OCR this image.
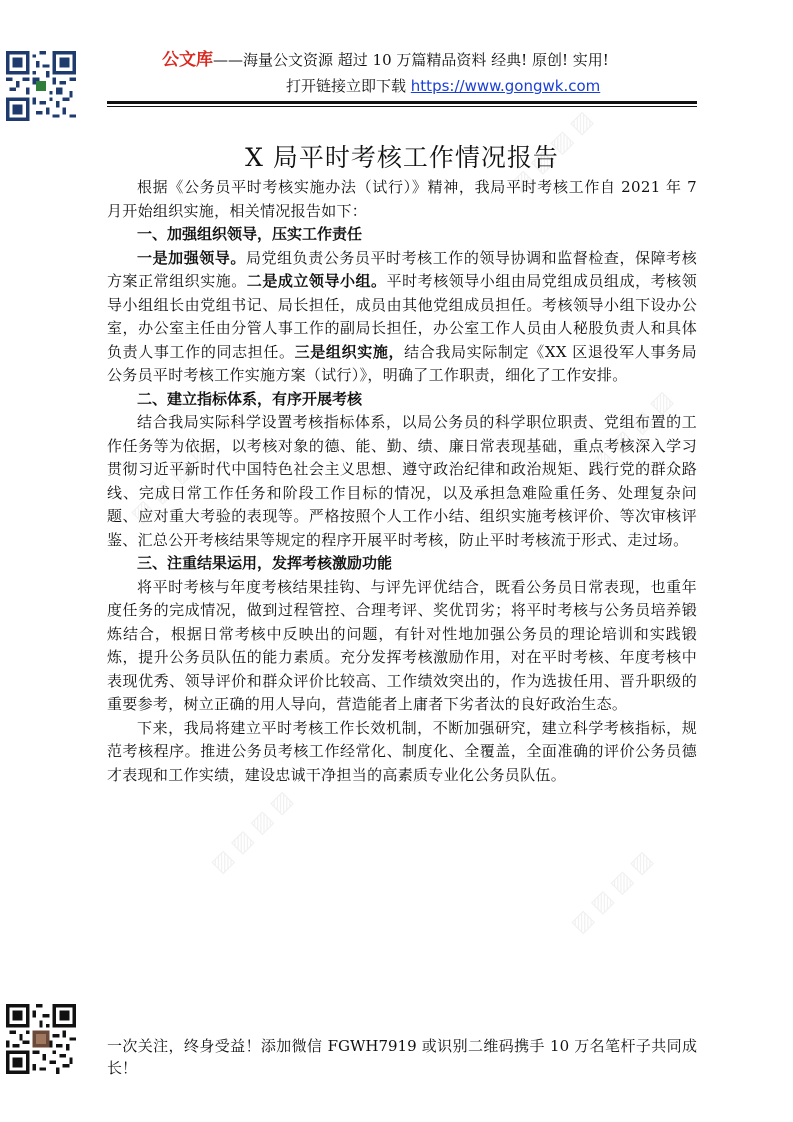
▨ ▨ ▨ ▨
▨ ▨ ▨ ▨
▨ ▨ ▨ ▨
▨ ▨ ▨ ▨
▨ ▨ ▨ ▨
公文库——海量公文资源 超过 10 万篇精品资料 经典! 原创! 实用!
打开链接立即下载 https://www.gongwk.com
X 局平时考核工作情况报告

根据《公务员平时考核实施办法（试行）》精神，我局平时考核工作自 2021 年 7 月开始组织实施，相关情况报告如下：

一、加强组织领导，压实工作责任

一是加强领导。局党组负责公务员平时考核工作的领导协调和监督检查，保障考核方案正常组织实施。二是成立领导小组。平时考核领导小组由局党组成员组成，考核领导小组组长由党组书记、局长担任，成员由其他党组成员担任。考核领导小组下设办公室，办公室主任由分管人事工作的副局长担任，办公室工作人员由人秘股负责人和具体负责人事工作的同志担任。三是组织实施，结合我局实际制定《XX 区退役军人事务局公务员平时考核工作实施方案（试行）》，明确了工作职责，细化了工作安排。

二、建立指标体系，有序开展考核

结合我局实际科学设置考核指标体系，以局公务员的科学职位职责、党组布置的工作任务等为依据，以考核对象的德、能、勤、绩、廉日常表现基础，重点考核深入学习贯彻习近平新时代中国特色社会主义思想、遵守政治纪律和政治规矩、践行党的群众路线、完成日常工作任务和阶段工作目标的情况，以及承担急难险重任务、处理复杂问题、应对重大考验的表现等。严格按照个人工作小结、组织实施考核评价、等次审核评鉴、汇总公开考核结果等规定的程序开展平时考核，防止平时考核流于形式、走过场。

三、注重结果运用，发挥考核激励功能

将平时考核与年度考核结果挂钩、与评先评优结合，既看公务员日常表现，也重年度任务的完成情况，做到过程管控、合理考评、奖优罚劣；将平时考核与公务员培养锻炼结合，根据日常考核中反映出的问题，有针对性地加强公务员的理论培训和实践锻炼，提升公务员队伍的能力素质。充分发挥考核激励作用，对在平时考核、年度考核中表现优秀、领导评价和群众评价比较高、工作绩效突出的，作为选拔任用、晋升职级的重要参考，树立正确的用人导向，营造能者上庸者下劣者汰的良好政治生态。

下来，我局将建立平时考核工作长效机制，不断加强研究，建立科学考核指标，规范考核程序。推进公务员考核工作经常化、制度化、全覆盖，全面准确的评价公务员德才表现和工作实绩，建设忠诚干净担当的高素质专业化公务员队伍。

一次关注，终身受益！添加微信 FGWH7919 或识别二维码携手 10 万名笔杆子共同成长！
